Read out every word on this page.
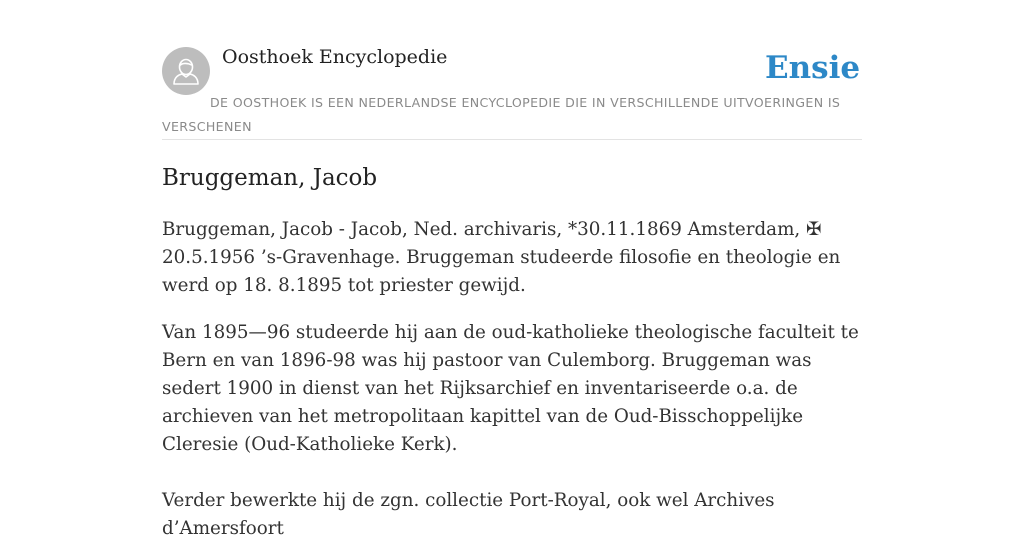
Oosthoek Encyclopedie	Ensie
DE OOSTHOEK IS EEN NEDERLANDSE ENCYCLOPEDIE DIE IN VERSCHILLENDE UITVOERINGEN IS VERSCHENEN
Bruggeman, Jacob

Bruggeman, Jacob - Jacob, Ned. archivaris, *30.11.1869 Amsterdam, ✠ 20.5.1956 ’s-Gravenhage. Bruggeman studeerde filosofie en theologie en werd op 18. 8.1895 tot priester gewijd.

Van 1895—96 studeerde hij aan de oud-katholieke theologische faculteit te Bern en van 1896-98 was hij pastoor van Culemborg. Bruggeman was sedert 1900 in dienst van het Rijksarchief en inventariseerde o.a. de archieven van het metropolitaan kapittel van de Oud-Bisschoppelijke Cleresie (Oud-Katholieke Kerk).

Verder bewerkte hij de zgn. collectie Port-Royal, ook wel Archives d’Amersfoort
